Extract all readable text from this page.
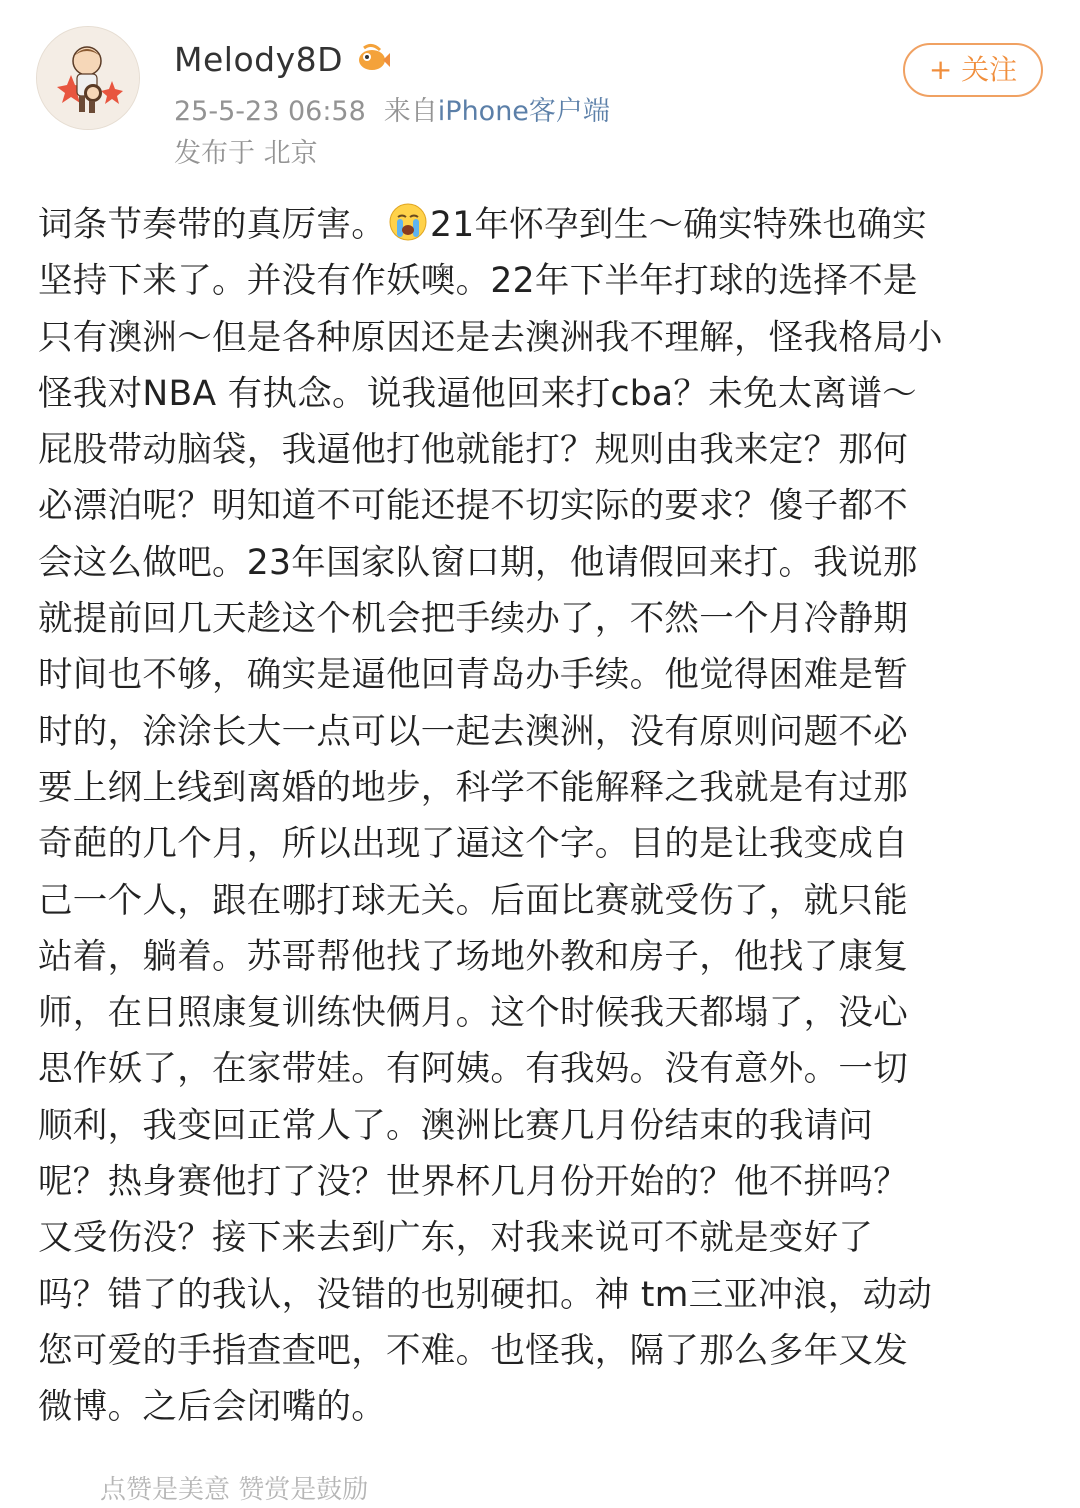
Melody8D
25-5-23 06:58 来自iPhone客户端
发布于 北京
+ 关注
词条节奏带的真厉害。 21年怀孕到生～确实特殊也确实
坚持下来了。并没有作妖噢。22年下半年打球的选择不是
只有澳洲～但是各种原因还是去澳洲我不理解，怪我格局小
怪我对NBA 有执念。说我逼他回来打cba？未免太离谱～
屁股带动脑袋，我逼他打他就能打？规则由我来定？那何
必漂泊呢？明知道不可能还提不切实际的要求？傻子都不
会这么做吧。23年国家队窗口期，他请假回来打。我说那
就提前回几天趁这个机会把手续办了，不然一个月冷静期
时间也不够，确实是逼他回青岛办手续。他觉得困难是暂
时的，涂涂长大一点可以一起去澳洲，没有原则问题不必
要上纲上线到离婚的地步，科学不能解释之我就是有过那
奇葩的几个月，所以出现了逼这个字。目的是让我变成自
己一个人，跟在哪打球无关。后面比赛就受伤了，就只能
站着，躺着。苏哥帮他找了场地外教和房子，他找了康复
师，在日照康复训练快俩月。这个时候我天都塌了，没心
思作妖了，在家带娃。有阿姨。有我妈。没有意外。一切
顺利，我变回正常人了。澳洲比赛几月份结束的我请问
呢？热身赛他打了没？世界杯几月份开始的？他不拼吗？
又受伤没？接下来去到广东，对我来说可不就是变好了
吗？错了的我认，没错的也别硬扣。神 tm三亚冲浪，动动
您可爱的手指查查吧，不难。也怪我，隔了那么多年又发
微博。之后会闭嘴的。
点赞是美意 赞赏是鼓励
